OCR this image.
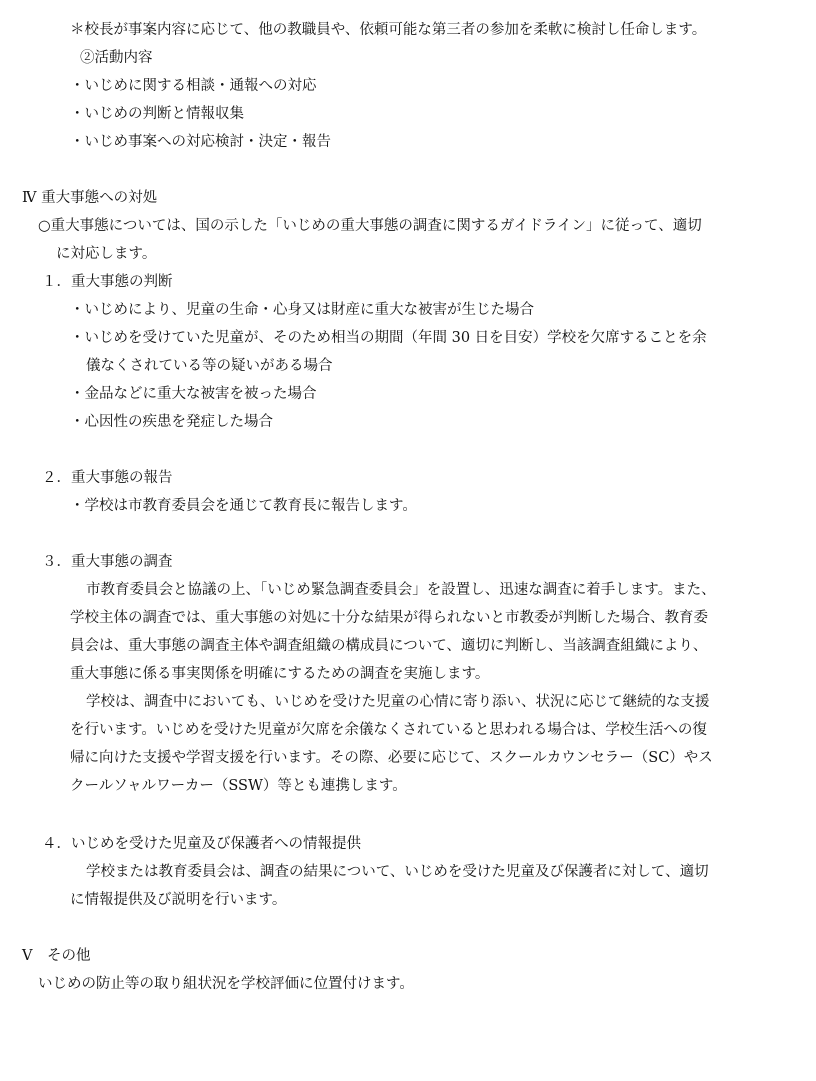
＊校長が事案内容に応じて、他の教職員や、依頼可能な第三者の参加を柔軟に検討し任命します。
②活動内容
・いじめに関する相談・通報への対応
・いじめの判断と情報収集
・いじめ事案への対応検討・決定・報告
Ⅳ 重大事態への対処
○重大事態については、国の示した「いじめの重大事態の調査に関するガイドライン」に従って、適切
に対応します。
１．重大事態の判断
・いじめにより、児童の生命・心身又は財産に重大な被害が生じた場合
・いじめを受けていた児童が、そのため相当の期間（年間 30 日を目安）学校を欠席することを余
儀なくされている等の疑いがある場合
・金品などに重大な被害を被った場合
・心因性の疾患を発症した場合
２．重大事態の報告
・学校は市教育委員会を通じて教育長に報告します。
３．重大事態の調査
市教育委員会と協議の上、「いじめ緊急調査委員会」を設置し、迅速な調査に着手します。また、
学校主体の調査では、重大事態の対処に十分な結果が得られないと市教委が判断した場合、教育委
員会は、重大事態の調査主体や調査組織の構成員について、適切に判断し、当該調査組織により、
重大事態に係る事実関係を明確にするための調査を実施します。
学校は、調査中においても、いじめを受けた児童の心情に寄り添い、状況に応じて継続的な支援
を行います。いじめを受けた児童が欠席を余儀なくされていると思われる場合は、学校生活への復
帰に向けた支援や学習支援を行います。その際、必要に応じて、スクールカウンセラー（SC）やス
クールソャルワーカー（SSW）等とも連携します。
４．いじめを受けた児童及び保護者への情報提供
学校または教育委員会は、調査の結果について、いじめを受けた児童及び保護者に対して、適切
に情報提供及び説明を行います。
Ⅴ　その他
いじめの防止等の取り組状況を学校評価に位置付けます。
